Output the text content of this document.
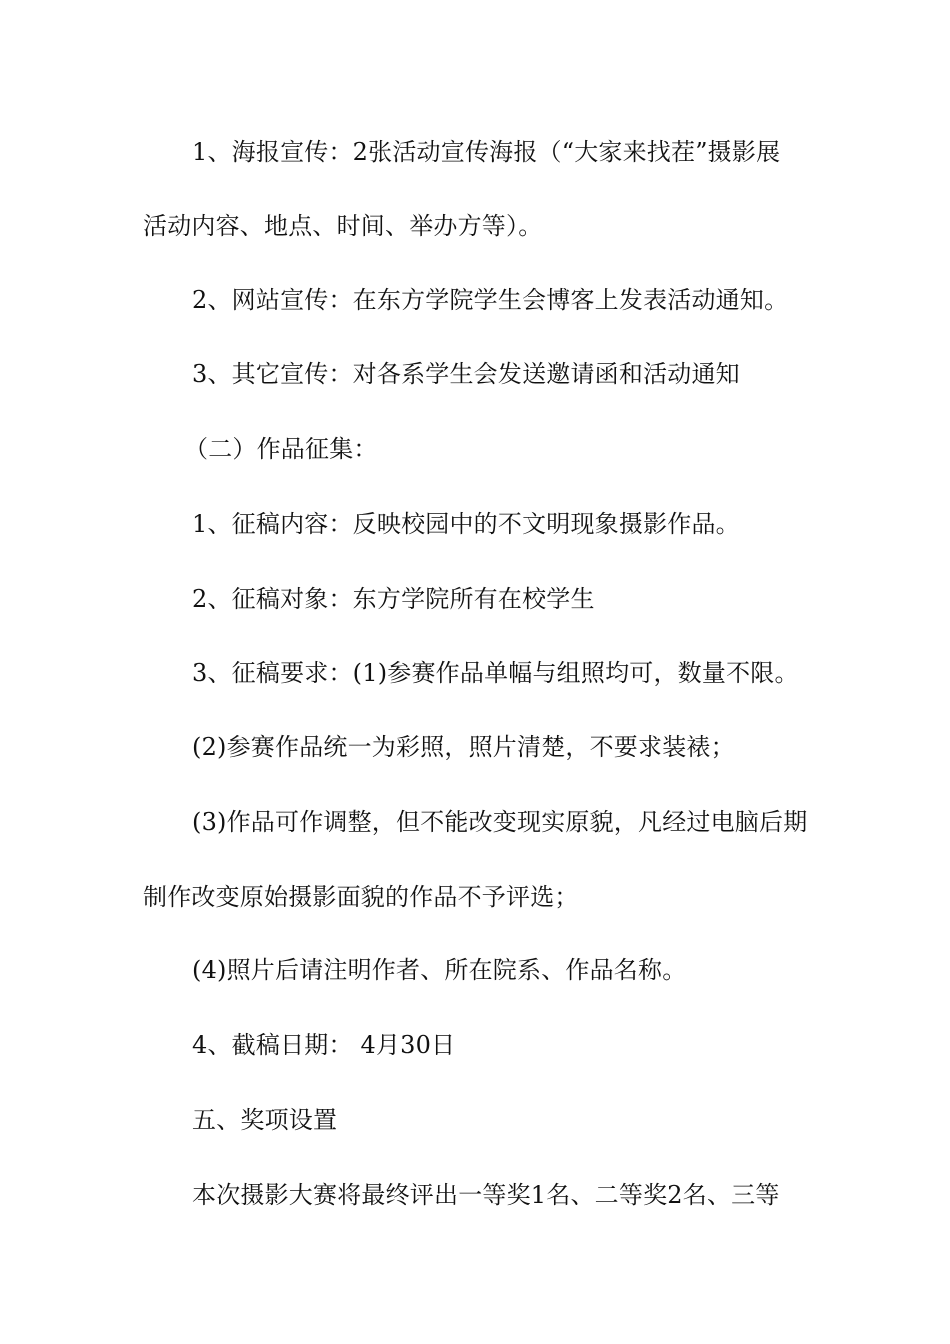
1、海报宣传：2张活动宣传海报（“大家来找茬”摄影展
活动内容、地点、时间、举办方等）。
2、网站宣传：在东方学院学生会博客上发表活动通知。
3、其它宣传：对各系学生会发送邀请函和活动通知
（二）作品征集：
1、征稿内容：反映校园中的不文明现象摄影作品。
2、征稿对象：东方学院所有在校学生
3、征稿要求：(1)参赛作品单幅与组照均可，数量不限。
(2)参赛作品统一为彩照，照片清楚，不要求装裱；
(3)作品可作调整，但不能改变现实原貌，凡经过电脑后期
制作改变原始摄影面貌的作品不予评选；
(4)照片后请注明作者、所在院系、作品名称。
4、截稿日期： 4月30日
五、奖项设置
本次摄影大赛将最终评出一等奖1名、二等奖2名、三等
